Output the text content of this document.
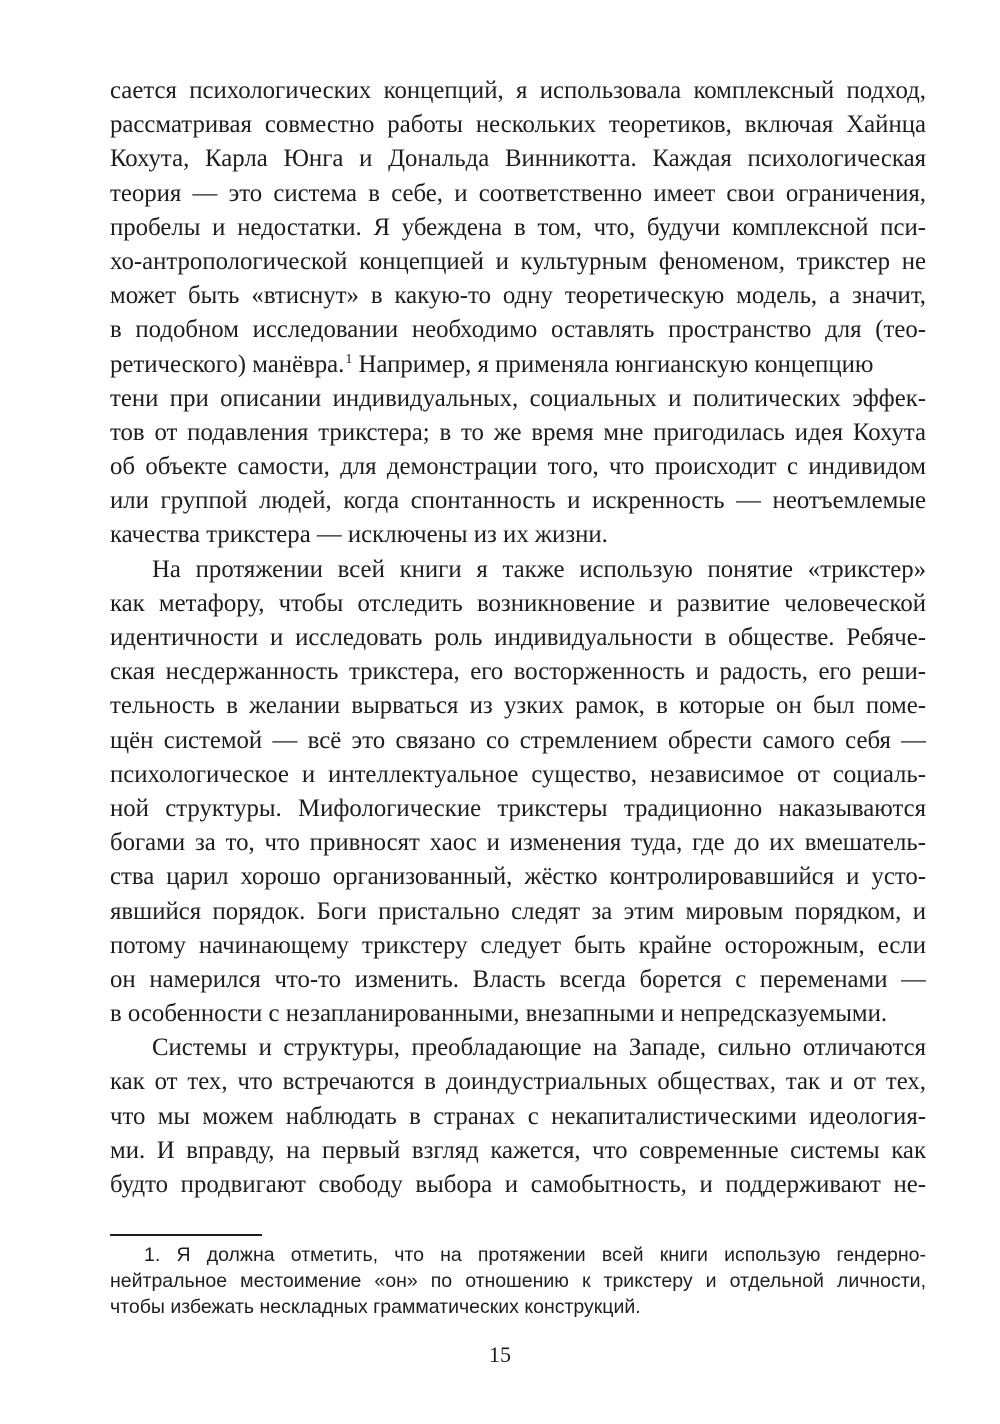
сается психологических концепций, я использовала комплексный подход,
рассматривая совместно работы нескольких теоретиков, включая Хайнца
Кохута, Карла Юнга и Дональда Винникотта. Каждая психологическая
теория — это система в себе, и соответственно имеет свои ограничения,
пробелы и недостатки. Я убеждена в том, что, будучи комплексной пси-
хо-антропологической концепцией и культурным феноменом, трикстер не
может быть «втиснут» в какую-то одну теоретическую модель, а значит,
в подобном исследовании необходимо оставлять пространство для (тео-
ретического) манёвра.$^1$ Например, я применяла юнгианскую концепцию
тени при описании индивидуальных, социальных и политических эффек-
тов от подавления трикстера; в то же время мне пригодилась идея Кохута
об объекте самости, для демонстрации того, что происходит с индивидом
или группой людей, когда спонтанность и искренность — неотъемлемые
качества трикстера — исключены из их жизни.
На протяжении всей книги я также использую понятие «трикстер»
как метафору, чтобы отследить возникновение и развитие человеческой
идентичности и исследовать роль индивидуальности в обществе. Ребяче-
ская несдержанность трикстера, его восторженность и радость, его реши-
тельность в желании вырваться из узких рамок, в которые он был поме-
щён системой — всё это связано со стремлением обрести самого себя —
психологическое и интеллектуальное существо, независимое от социаль-
ной структуры. Мифологические трикстеры традиционно наказываются
богами за то, что привносят хаос и изменения туда, где до их вмешатель-
ства царил хорошо организованный, жёстко контролировавшийся и усто-
явшийся порядок. Боги пристально следят за этим мировым порядком, и
потому начинающему трикстеру следует быть крайне осторожным, если
он намерился что-то изменить. Власть всегда борется с переменами —
в особенности с незапланированными, внезапными и непредсказуемыми.
Системы и структуры, преобладающие на Западе, сильно отличаются
как от тех, что встречаются в доиндустриальных обществах, так и от тех,
что мы можем наблюдать в странах с некапиталистическими идеология-
ми. И вправду, на первый взгляд кажется, что современные системы как
будто продвигают свободу выбора и самобытность, и поддерживают не-
1. Я должна отметить, что на протяжении всей книги использую гендерно-
нейтральное местоимение «он» по отношению к трикстеру и отдельной личности,
чтобы избежать нескладных грамматических конструкций.
15
